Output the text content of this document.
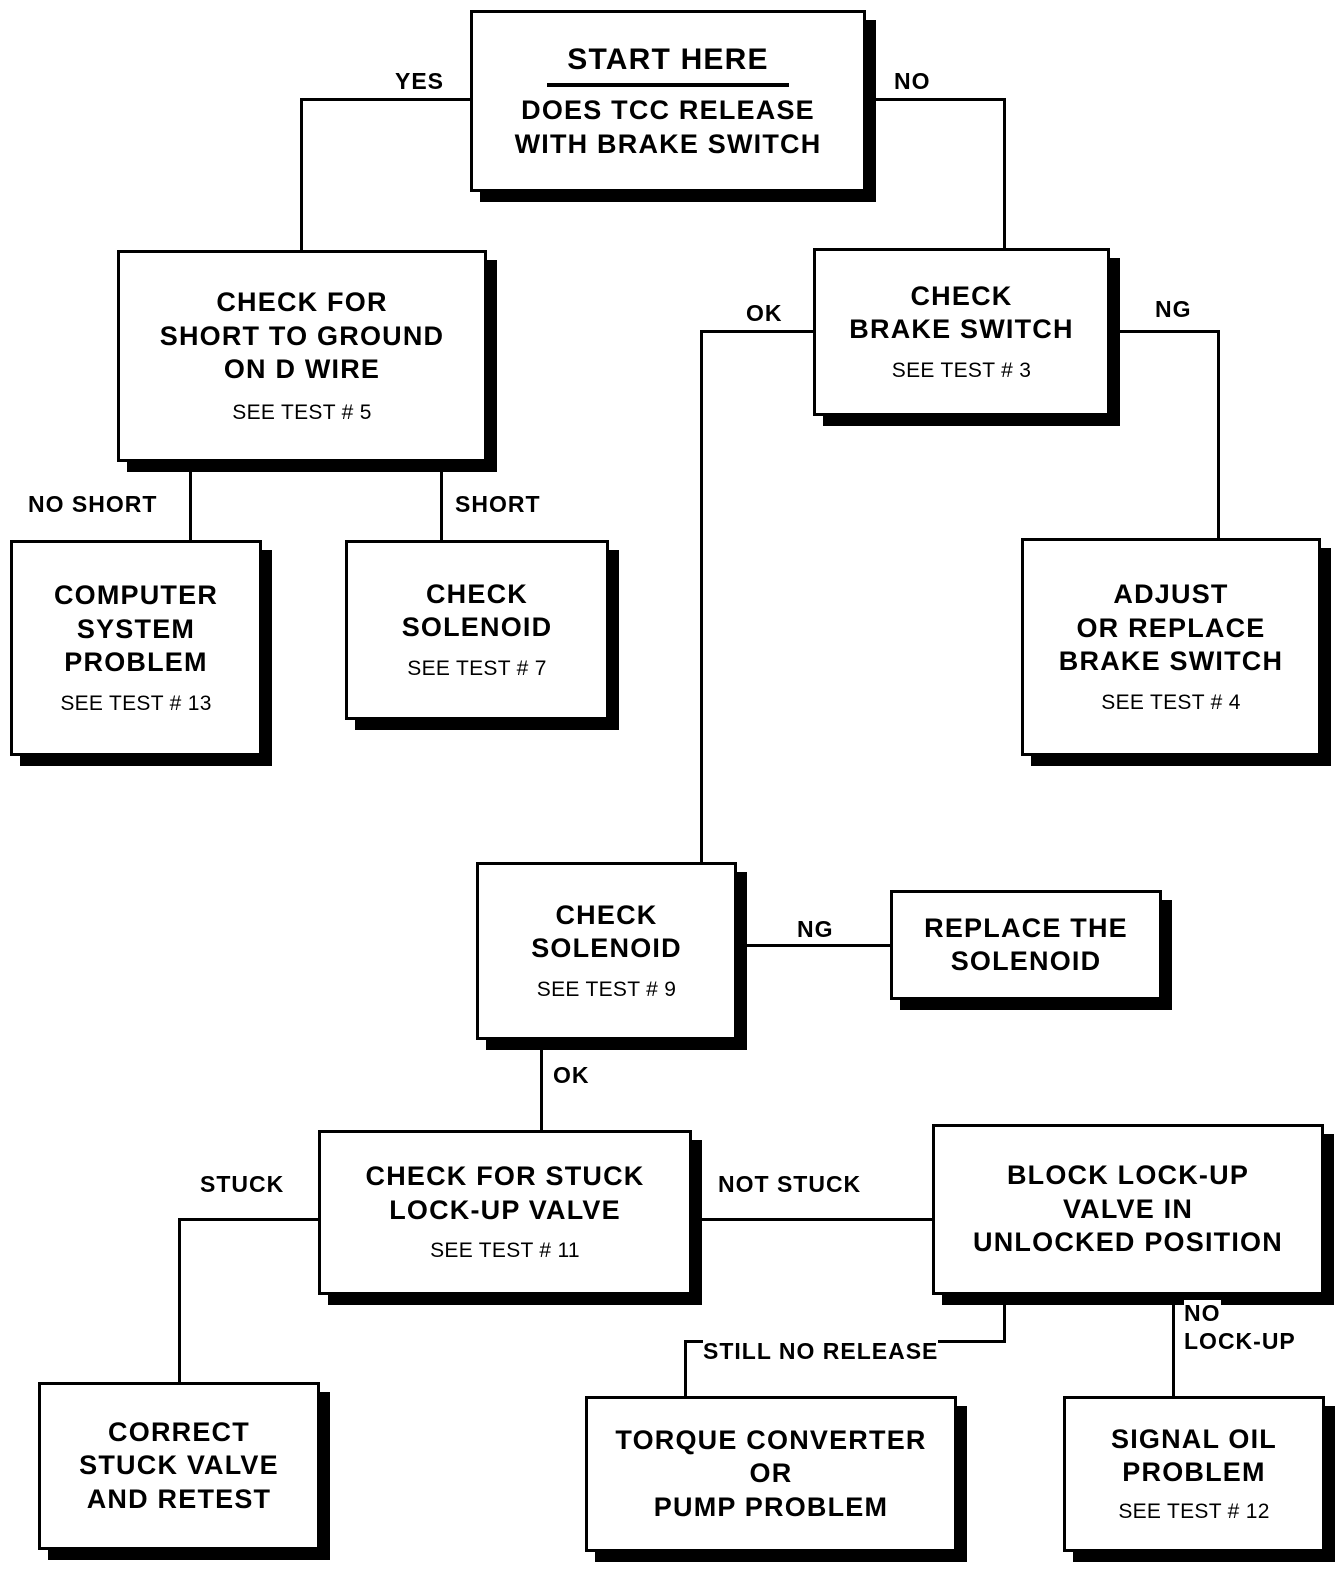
YES	NO
OK	NG
NO SHORT	SHORT
NG
OK
STUCK	NOT STUCK
STILL NO RELEASE
NO
LOCK-UP
START HERE
DOES TCC RELEASE
WITH BRAKE SWITCH
CHECK FOR
SHORT TO GROUND
ON D WIRE
SEE TEST # 5
CHECK
BRAKE SWITCH
SEE TEST # 3
COMPUTER
SYSTEM
PROBLEM
SEE TEST # 13
CHECK
SOLENOID
SEE TEST # 7
ADJUST
OR REPLACE
BRAKE SWITCH
SEE TEST # 4
CHECK
SOLENOID
SEE TEST # 9
REPLACE THE
SOLENOID
CHECK FOR STUCK
LOCK-UP VALVE
SEE TEST # 11
BLOCK LOCK-UP
VALVE IN
UNLOCKED POSITION
CORRECT
STUCK VALVE
AND RETEST
TORQUE CONVERTER
OR
PUMP PROBLEM
SIGNAL OIL
PROBLEM
SEE TEST # 12
